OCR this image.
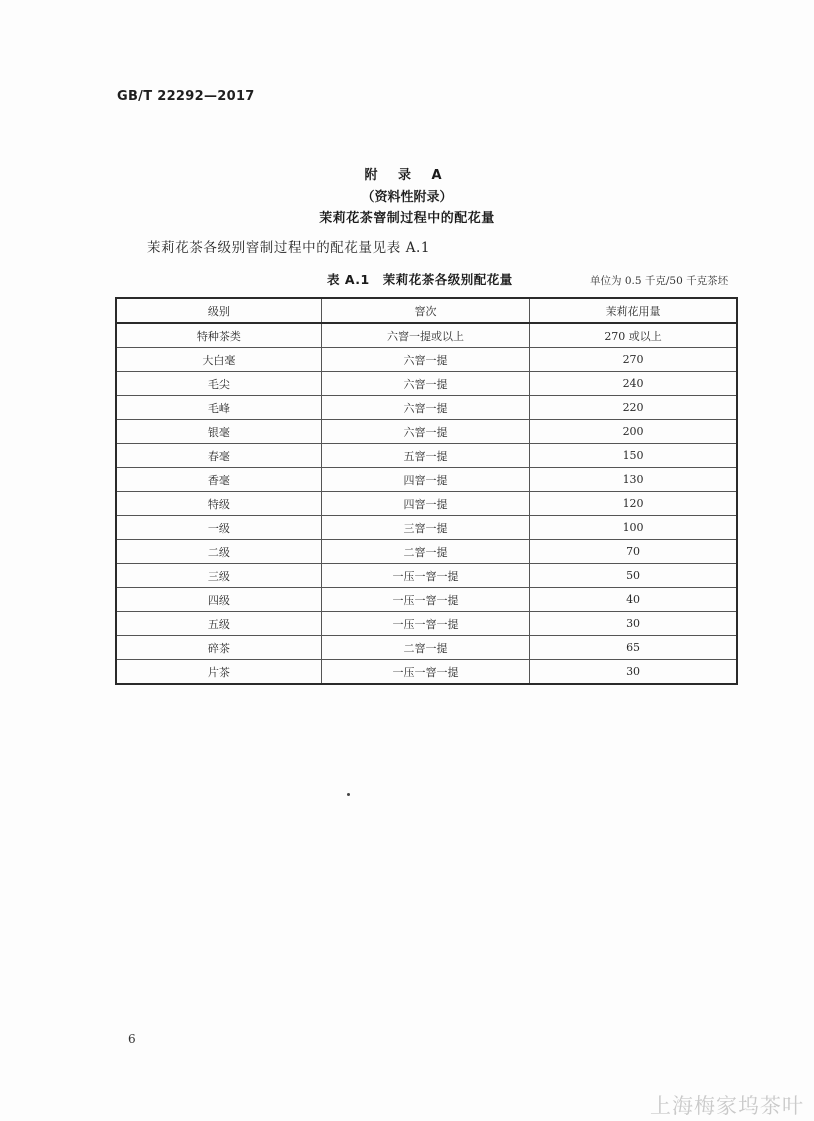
GB/T 22292—2017
附 录 A
（资料性附录）
茉莉花茶窨制过程中的配花量
茉莉花茶各级别窨制过程中的配花量见表 A.1
表 A.1　茉莉花茶各级别配花量	单位为 0.5 千克/50 千克茶坯
级别	窨次	茉莉花用量
特种茶类	六窨一提或以上	270 或以上
大白毫	六窨一提	270
毛尖	六窨一提	240
毛峰	六窨一提	220
银毫	六窨一提	200
春毫	五窨一提	150
香毫	四窨一提	130
特级	四窨一提	120
一级	三窨一提	100
二级	二窨一提	70
三级	一压一窨一提	50
四级	一压一窨一提	40
五级	一压一窨一提	30
碎茶	二窨一提	65
片茶	一压一窨一提	30
6
上海梅家坞茶叶
